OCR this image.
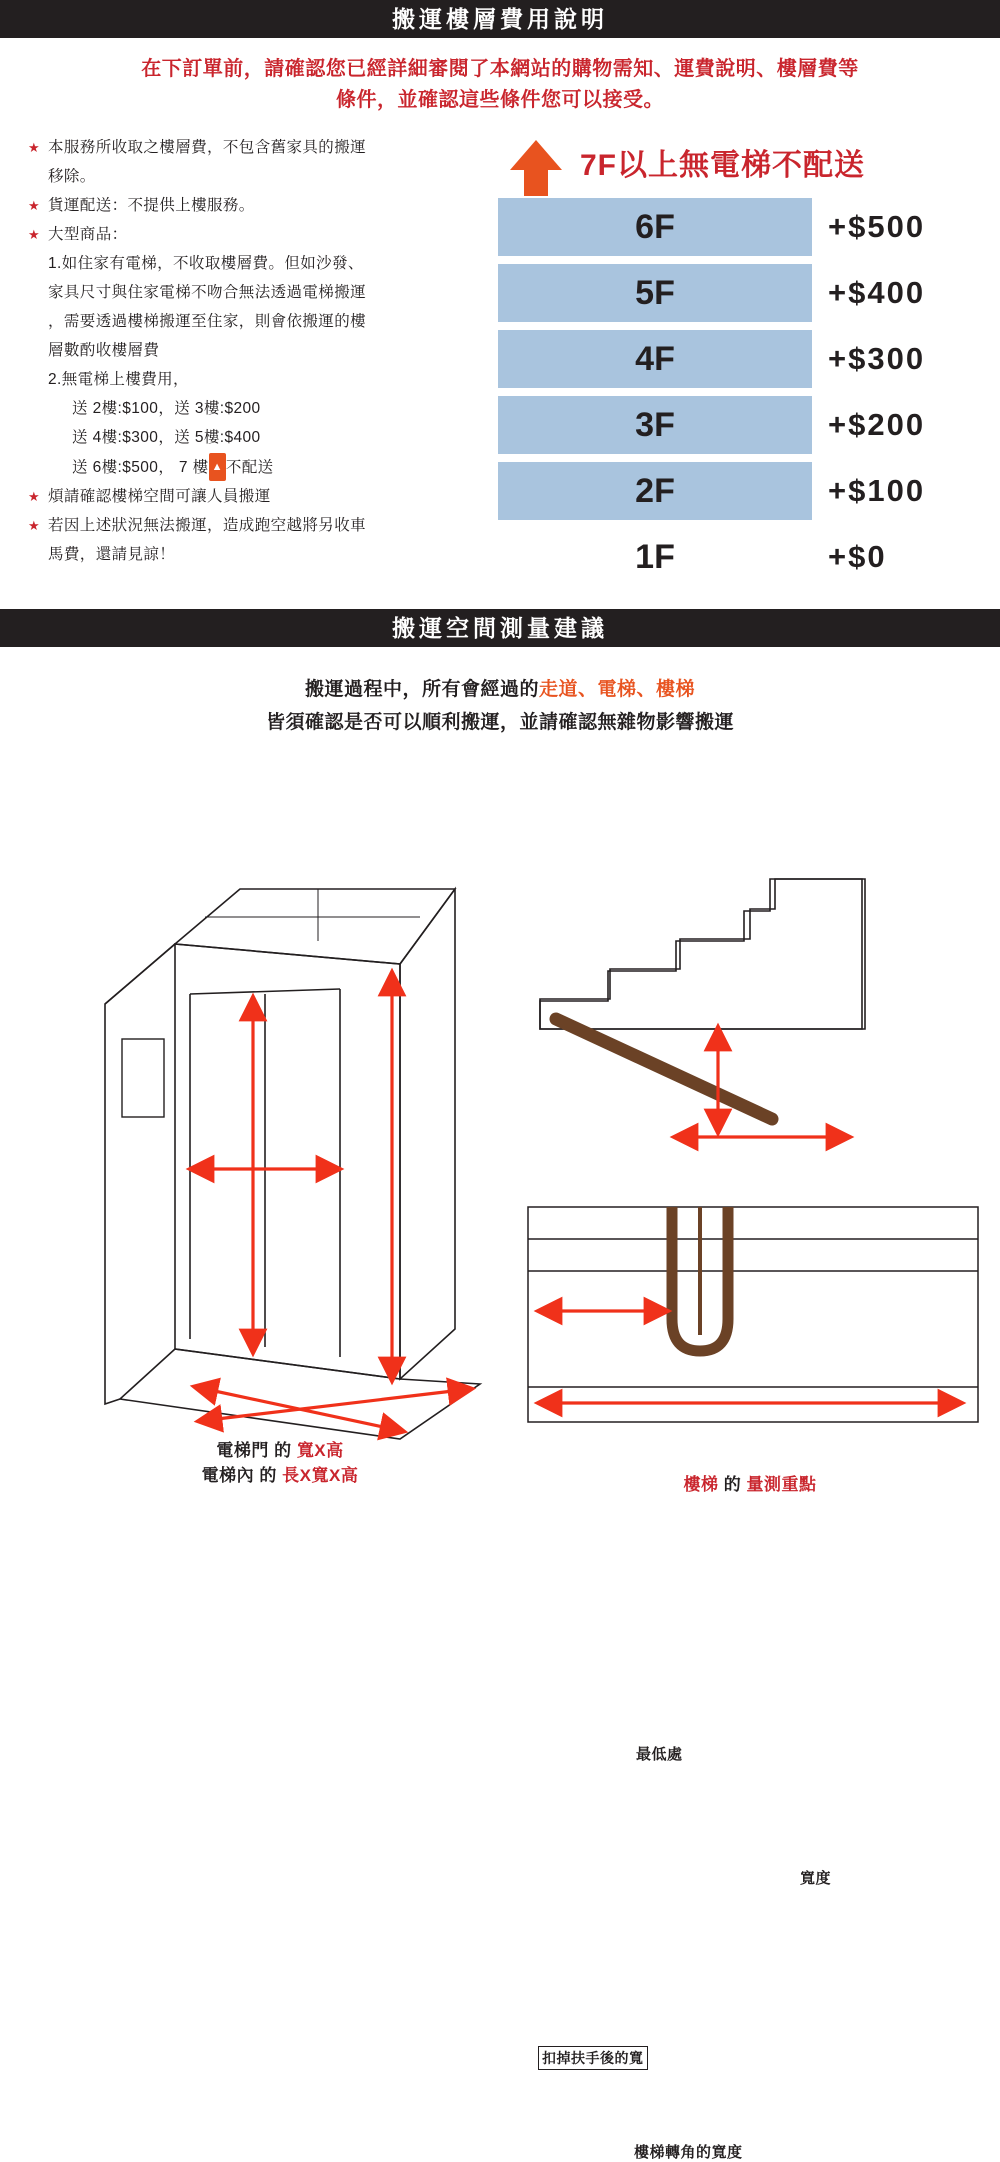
搬運樓層費用說明
在下訂單前，請確認您已經詳細審閱了本網站的購物需知、運費說明、樓層費等
條件，並確認這些條件您可以接受。
★ 本服務所收取之樓層費，不包含舊家具的搬運
移除。
★ 貨運配送：不提供上樓服務。
★ 大型商品：
1.如住家有電梯，不收取樓層費。但如沙發、
家具尺寸與住家電梯不吻合無法透過電梯搬運
，需要透過樓梯搬運至住家，則會依搬運的樓
層數酌收樓層費
2.無電梯上樓費用，
送 2樓:$100，送 3樓:$200
送 4樓:$300，送 5樓:$400
送 6樓:$500， 7 樓 ▲ 不配送
★ 煩請確認樓梯空間可讓人員搬運
★ 若因上述狀況無法搬運，造成跑空越將另收車
馬費，還請見諒！
7F以上無電梯不配送
6F	+$500
5F	+$400
4F	+$300
3F	+$200
2F	+$100
1F	+$0
搬運空間測量建議
搬運過程中，所有會經過的走道、電梯、樓梯
皆須確認是否可以順利搬運，並請確認無雜物影響搬運
最低處
寬度
扣掉扶手後的寬
樓梯轉角的寬度
電梯門 的 寬X高
電梯內 的 長X寬X高	樓梯 的 量測重點
